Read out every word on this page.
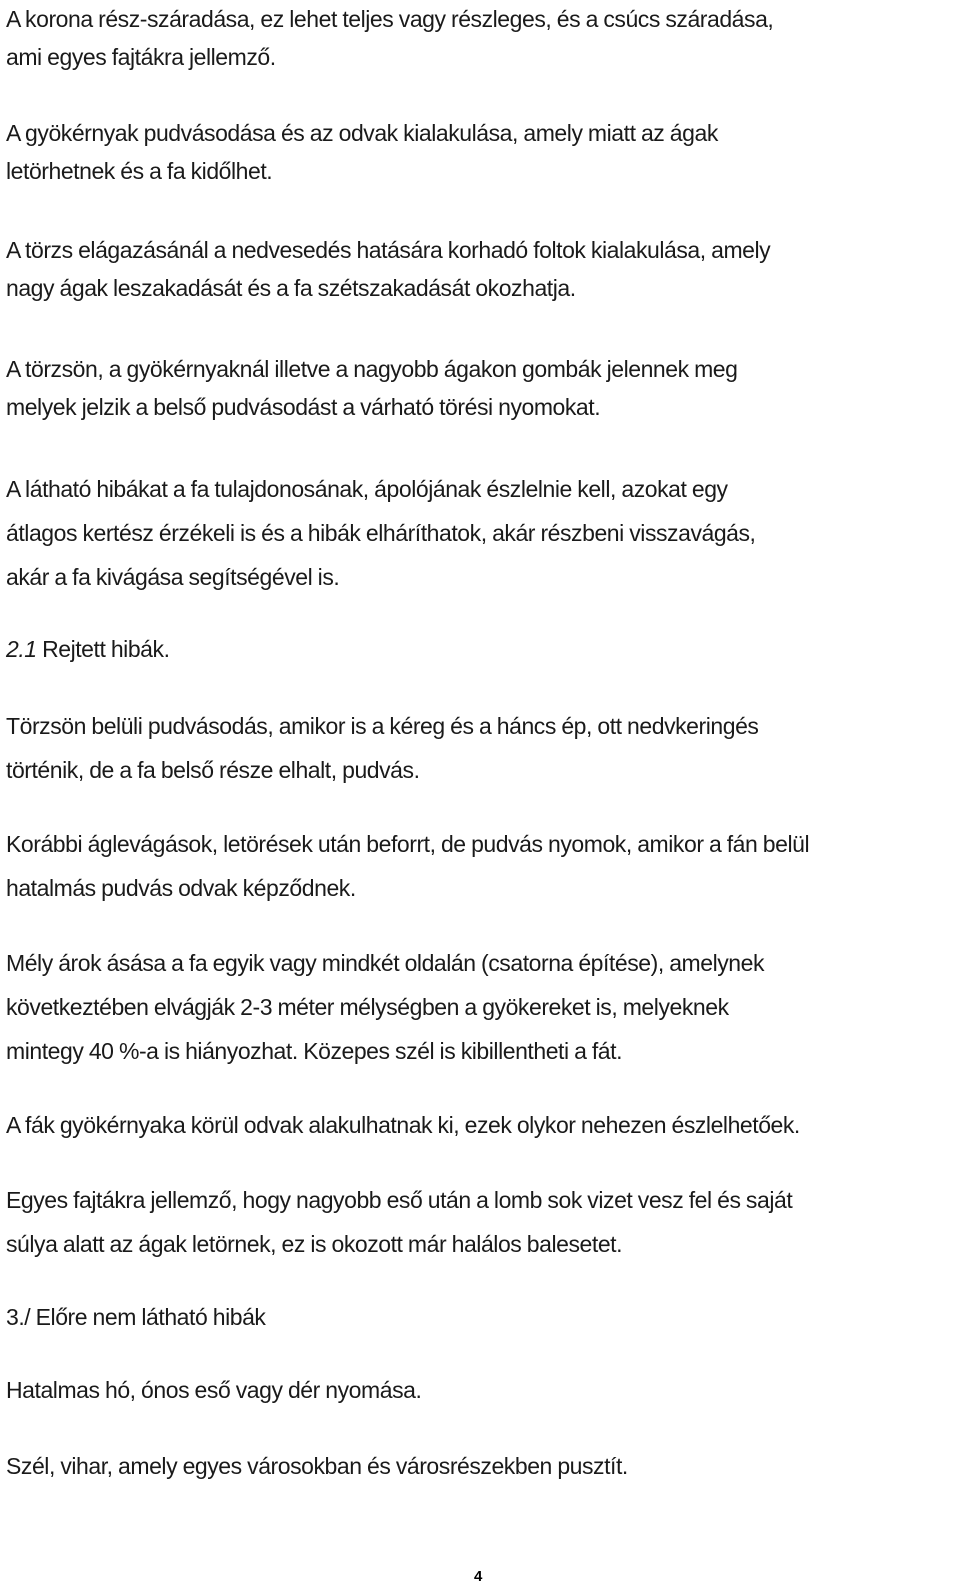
A korona rész-száradása, ez lehet teljes vagy részleges, és a csúcs száradása,
ami egyes fajtákra jellemző.

A gyökérnyak pudvásodása és az odvak kialakulása, amely miatt az ágak
letörhetnek és a fa kidőlhet.

A törzs elágazásánál a nedvesedés hatására korhadó foltok kialakulása, amely
nagy ágak leszakadását és a fa szétszakadását okozhatja.

A törzsön, a gyökérnyaknál illetve a nagyobb ágakon gombák jelennek meg
melyek jelzik a belső pudvásodást a várható törési nyomokat.

A látható hibákat a fa tulajdonosának, ápolójának észlelnie kell, azokat egy
átlagos kertész érzékeli is és a hibák elháríthatok, akár részbeni visszavágás,
akár a fa kivágása segítségével is.

2.1 Rejtett hibák.

Törzsön belüli pudvásodás, amikor is a kéreg és a háncs ép, ott nedvkeringés
történik, de a fa belső része elhalt, pudvás.

Korábbi áglevágások, letörések után beforrt, de pudvás nyomok, amikor a fán belül
hatalmás pudvás odvak képződnek.

Mély árok ásása a fa egyik vagy mindkét oldalán (csatorna építése), amelynek
következtében elvágják 2-3 méter mélységben a gyökereket is, melyeknek
mintegy 40 %-a is hiányozhat. Közepes szél is kibillentheti a fát.

A fák gyökérnyaka körül odvak alakulhatnak ki, ezek olykor nehezen észlelhetőek.

Egyes fajtákra jellemző, hogy nagyobb eső után a lomb sok vizet vesz fel és saját
súlya alatt az ágak letörnek, ez is okozott már halálos balesetet.

3./ Előre nem látható hibák

Hatalmas hó, ónos eső vagy dér nyomása.

Szél, vihar, amely egyes városokban és városrészekben pusztít.

4
